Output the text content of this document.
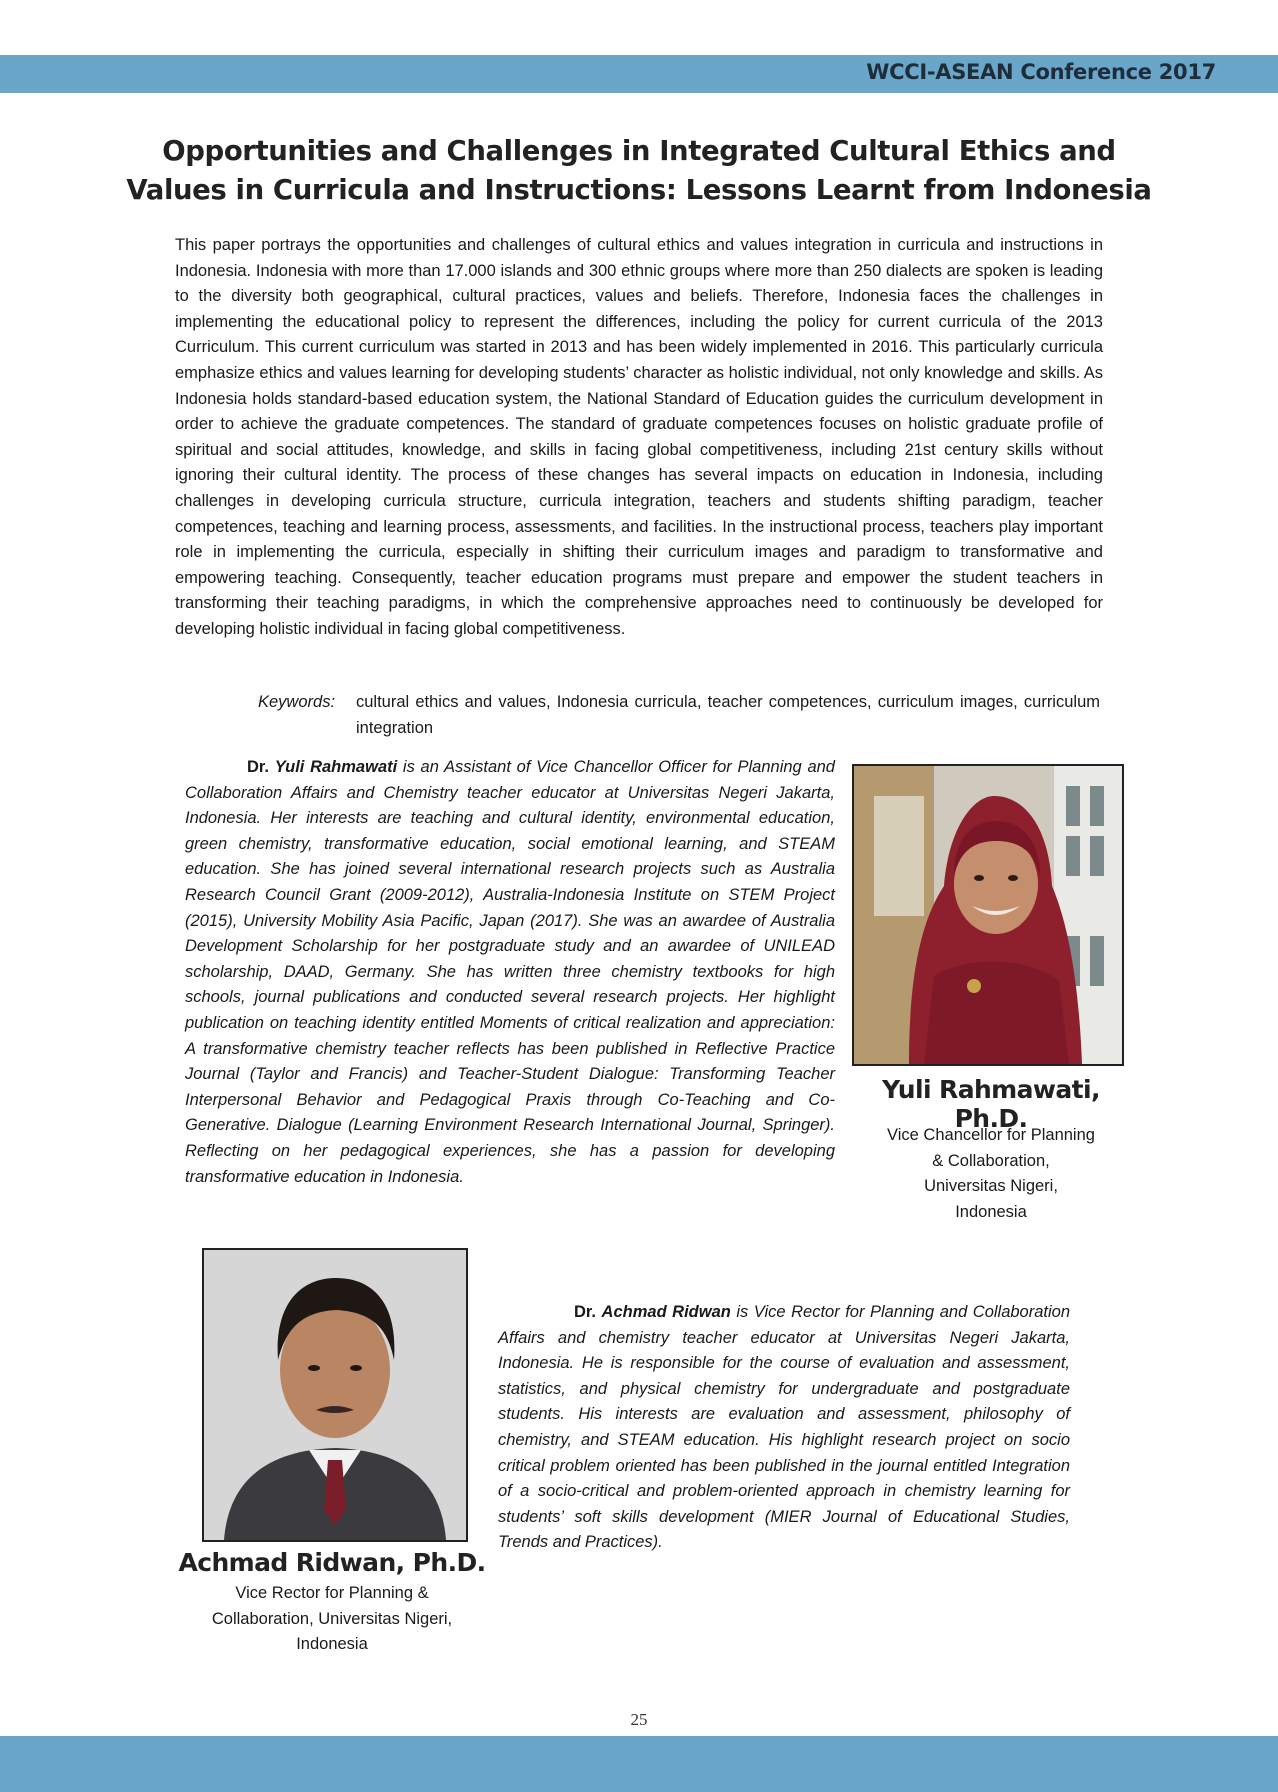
WCCI-ASEAN Conference 2017
Opportunities and Challenges in Integrated Cultural Ethics and
Values in Curricula and Instructions: Lessons Learnt from Indonesia
This paper portrays the opportunities and challenges of cultural ethics and values integration in curricula and instructions in Indonesia. Indonesia with more than 17.000 islands and 300 ethnic groups where more than 250 dialects are spoken is leading to the diversity both geographical, cultural practices, values and beliefs. Therefore, Indonesia faces the challenges in implementing the educational policy to represent the differences, including the policy for current curricula of the 2013 Curriculum. This current curriculum was started in 2013 and has been widely implemented in 2016. This particularly curricula emphasize ethics and values learning for developing students’ character as holistic individual, not only knowledge and skills. As Indonesia holds standard-based education system, the National Standard of Education guides the curriculum development in order to achieve the graduate competences. The standard of graduate competences focuses on holistic graduate profile of spiritual and social attitudes, knowledge, and skills in facing global competitiveness, including 21st century skills without ignoring their cultural identity. The process of these changes has several impacts on education in Indonesia, including challenges in developing curricula structure, curricula integration, teachers and students shifting paradigm, teacher competences, teaching and learning process, assessments, and facilities. In the instructional process, teachers play important role in implementing the curricula, especially in shifting their curriculum images and paradigm to transformative and empowering teaching. Consequently, teacher education programs must prepare and empower the student teachers in transforming their teaching paradigms, in which the comprehensive approaches need to continuously be developed for developing holistic individual in facing global competitiveness.
Keywords: cultural ethics and values, Indonesia curricula, teacher competences, curriculum images, curriculum integration
Dr. Yuli Rahmawati is an Assistant of Vice Chancellor Officer for Planning and Collaboration Affairs and Chemistry teacher educator at Universitas Negeri Jakarta, Indonesia. Her interests are teaching and cultural identity, environmental education, green chemistry, transformative education, social emotional learning, and STEAM education. She has joined several international research projects such as Australia Research Council Grant (2009-2012), Australia-Indonesia Institute on STEM Project (2015), University Mobility Asia Pacific, Japan (2017). She was an awardee of Australia Development Scholarship for her postgraduate study and an awardee of UNILEAD scholarship, DAAD, Germany. She has written three chemistry textbooks for high schools, journal publications and conducted several research projects. Her highlight publication on teaching identity entitled Moments of critical realization and appreciation: A transformative chemistry teacher reflects has been published in Reflective Practice Journal (Taylor and Francis) and Teacher-Student Dialogue: Transforming Teacher Interpersonal Behavior and Pedagogical Praxis through Co-Teaching and Co-Generative. Dialogue (Learning Environment Research International Journal, Springer). Reflecting on her pedagogical experiences, she has a passion for developing transformative education in Indonesia.
Yuli Rahmawati, Ph.D.
Vice Chancellor for Planning
& Collaboration,
Universitas Nigeri,
Indonesia
Achmad Ridwan, Ph.D.
Vice Rector for Planning &
Collaboration, Universitas Nigeri,
Indonesia
Dr. Achmad Ridwan is Vice Rector for Planning and Collaboration Affairs and chemistry teacher educator at Universitas Negeri Jakarta, Indonesia. He is responsible for the course of evaluation and assessment, statistics, and physical chemistry for undergraduate and postgraduate students. His interests are evaluation and assessment, philosophy of chemistry, and STEAM education. His highlight research project on socio critical problem oriented has been published in the journal entitled Integration of a socio-critical and problem-oriented approach in chemistry learning for students’ soft skills development (MIER Journal of Educational Studies, Trends and Practices).
25
